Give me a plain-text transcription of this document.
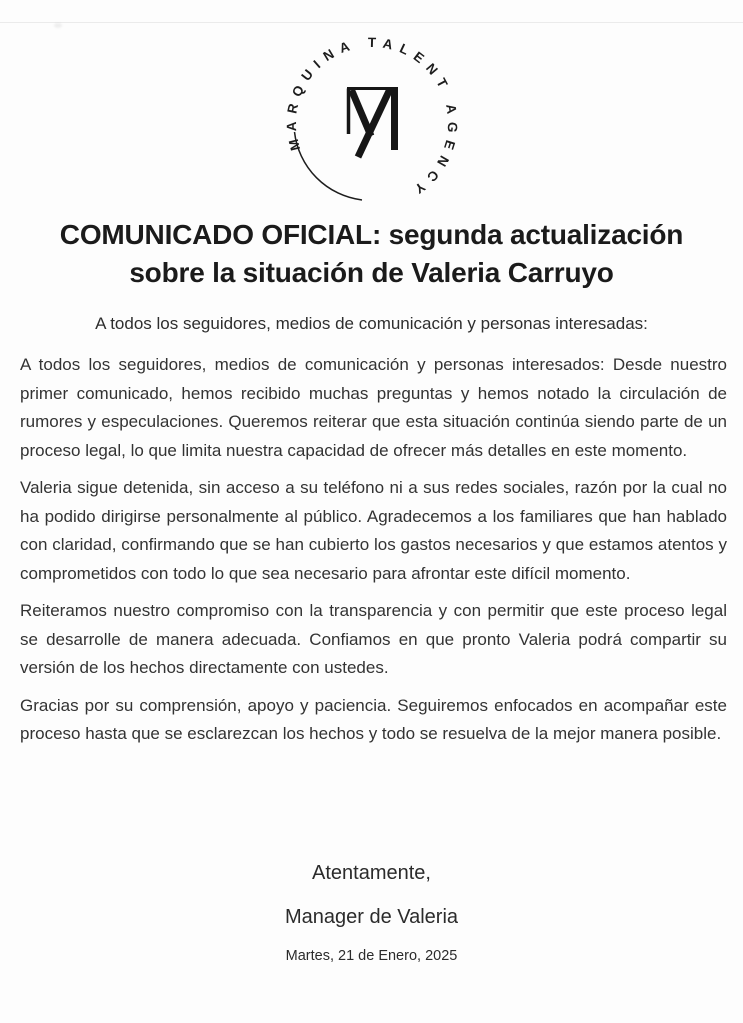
MARQUINA TALENT AGENCY
COMUNICADO OFICIAL: segunda actualización
sobre la situación de Valeria Carruyo

A todos los seguidores, medios de comunicación y personas interesadas:

A todos los seguidores, medios de comunicación y personas interesados: Desde nuestro primer comunicado, hemos recibido muchas preguntas y hemos notado la circulación de rumores y especulaciones. Queremos reiterar que esta situación continúa siendo parte de un proceso legal, lo que limita nuestra capacidad de ofrecer más detalles en este momento.

Valeria sigue detenida, sin acceso a su teléfono ni a sus redes sociales, razón por la cual no ha podido dirigirse personalmente al público. Agradecemos a los familiares que han hablado con claridad, confirmando que se han cubierto los gastos necesarios y que estamos atentos y comprometidos con todo lo que sea necesario para afrontar este difícil momento.

Reiteramos nuestro compromiso con la transparencia y con permitir que este proceso legal se desarrolle de manera adecuada. Confiamos en que pronto Valeria podrá compartir su versión de los hechos directamente con ustedes.

Gracias por su comprensión, apoyo y paciencia. Seguiremos enfocados en acompañar este proceso hasta que se esclarezcan los hechos y todo se resuelva de la mejor manera posible.

Atentamente,

Manager de Valeria

Martes, 21 de Enero, 2025
